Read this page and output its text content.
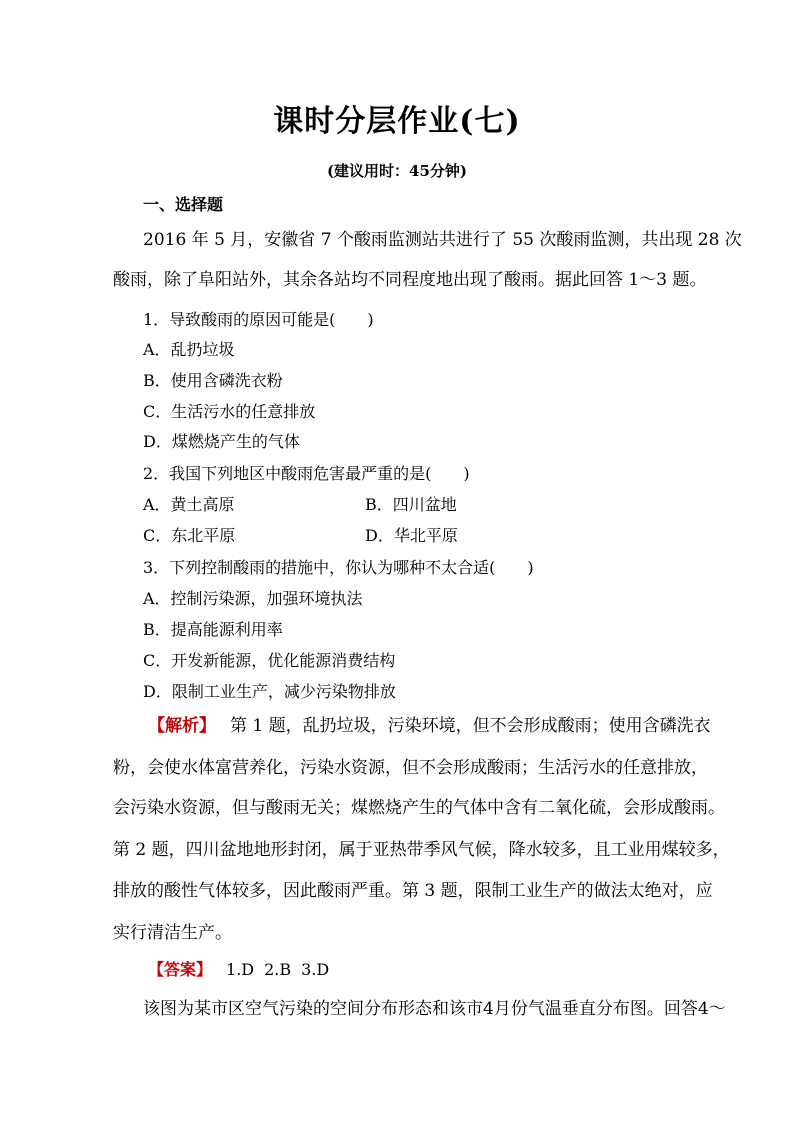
课时分层作业(七)
(建议用时：45分钟)
一、选择题
2016 年 5 月，安徽省 7 个酸雨监测站共进行了 55 次酸雨监测，共出现 28 次
酸雨，除了阜阳站外，其余各站均不同程度地出现了酸雨。据此回答 1～3 题。
1．导致酸雨的原因可能是(　　)
A．乱扔垃圾
B．使用含磷洗衣粉
C．生活污水的任意排放
D．煤燃烧产生的气体
2．我国下列地区中酸雨危害最严重的是(　　)
A．黄土高原	B．四川盆地
C．东北平原	D．华北平原
3．下列控制酸雨的措施中，你认为哪种不太合适(　　)
A．控制污染源，加强环境执法
B．提高能源利用率
C．开发新能源，优化能源消费结构
D．限制工业生产，减少污染物排放
【解析】 第 1 题，乱扔垃圾，污染环境，但不会形成酸雨；使用含磷洗衣
粉，会使水体富营养化，污染水资源，但不会形成酸雨；生活污水的任意排放，
会污染水资源，但与酸雨无关；煤燃烧产生的气体中含有二氧化硫，会形成酸雨。
第 2 题，四川盆地地形封闭，属于亚热带季风气候，降水较多，且工业用煤较多，
排放的酸性气体较多，因此酸雨严重。第 3 题，限制工业生产的做法太绝对，应
实行清洁生产。
【答案】 1.D 2.B 3.D
该图为某市区空气污染的空间分布形态和该市4月份气温垂直分布图。回答4～
